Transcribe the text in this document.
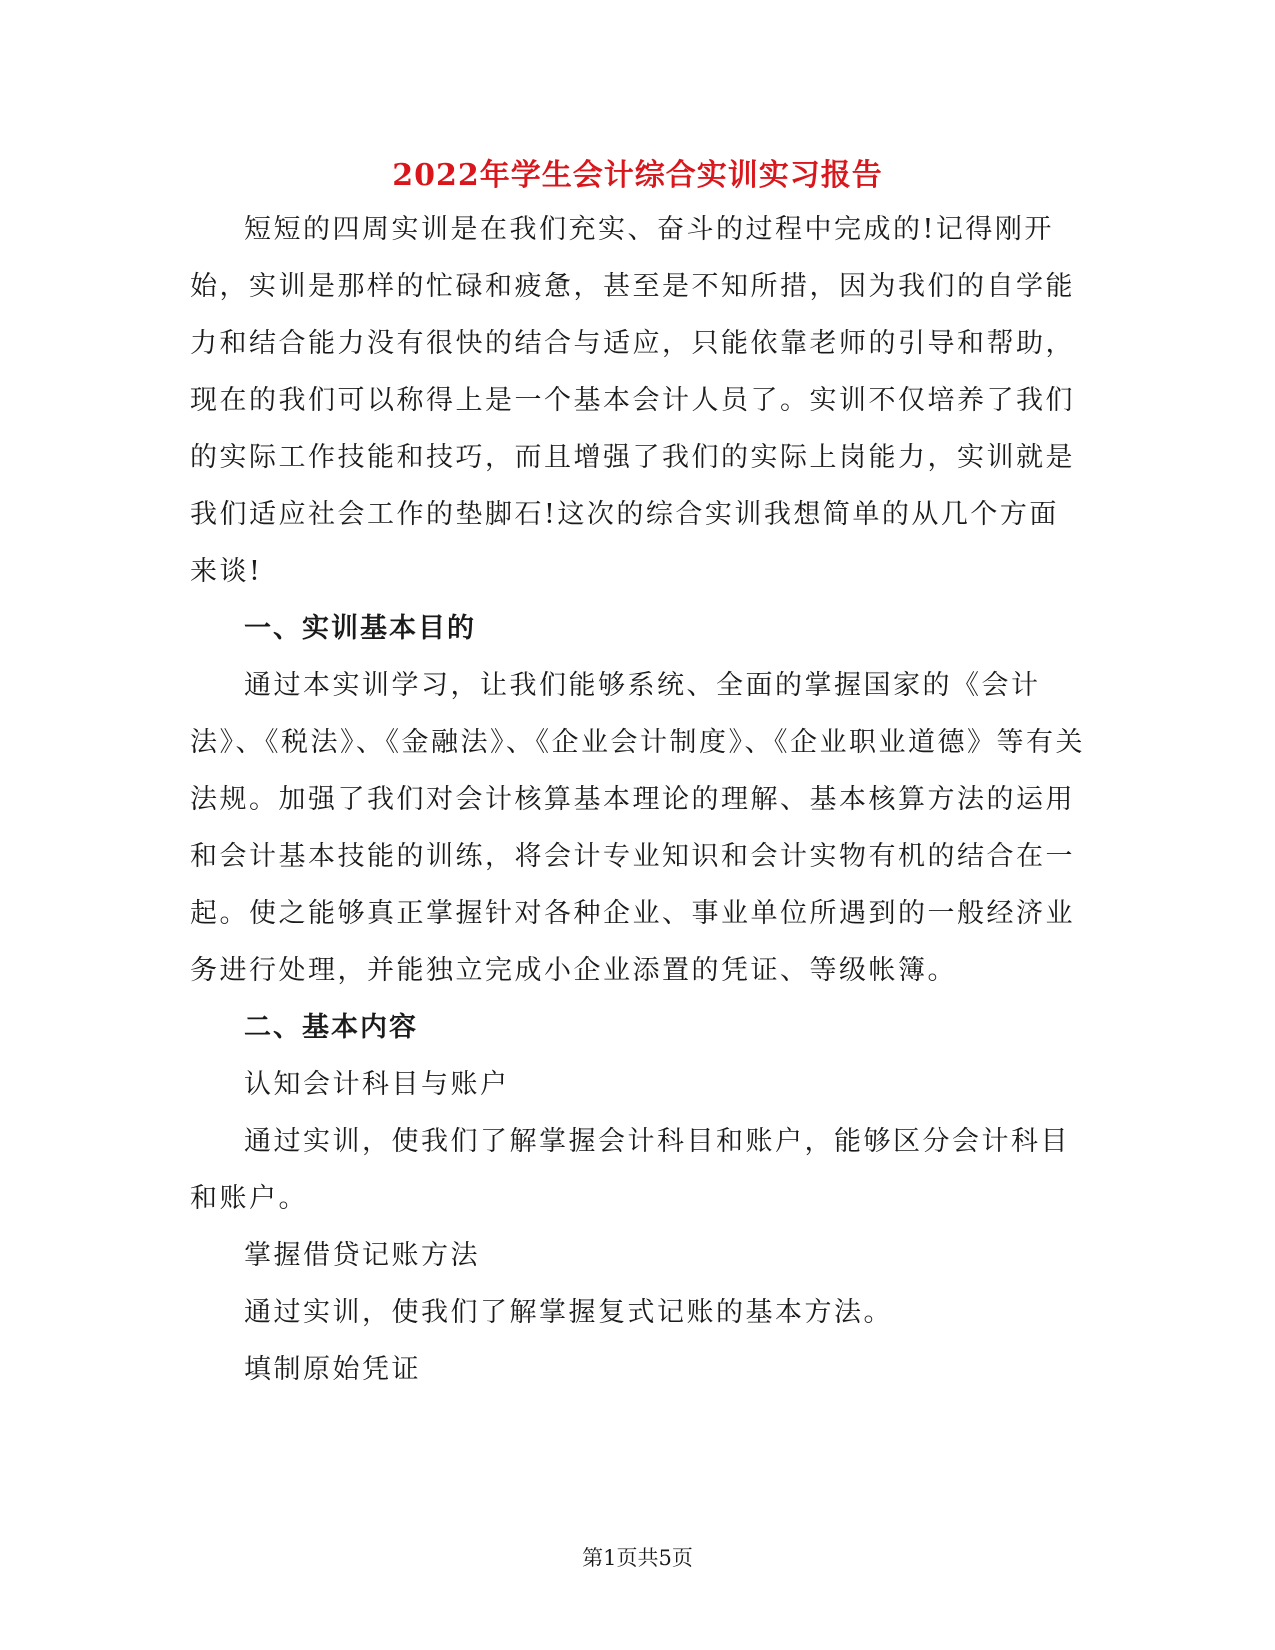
2022年学生会计综合实训实习报告

短短的四周实训是在我们充实、奋斗的过程中完成的!记得刚开始，实训是那样的忙碌和疲惫，甚至是不知所措，因为我们的自学能力和结合能力没有很快的结合与适应，只能依靠老师的引导和帮助，现在的我们可以称得上是一个基本会计人员了。实训不仅培养了我们的实际工作技能和技巧，而且增强了我们的实际上岗能力，实训就是我们适应社会工作的垫脚石!这次的综合实训我想简单的从几个方面来谈!

一、实训基本目的

通过本实训学习，让我们能够系统、全面的掌握国家的《会计法》、《税法》、《金融法》、《企业会计制度》、《企业职业道德》等有关法规。加强了我们对会计核算基本理论的理解、基本核算方法的运用和会计基本技能的训练，将会计专业知识和会计实物有机的结合在一起。使之能够真正掌握针对各种企业、事业单位所遇到的一般经济业务进行处理，并能独立完成小企业添置的凭证、等级帐簿。

二、基本内容

认知会计科目与账户

通过实训，使我们了解掌握会计科目和账户，能够区分会计科目和账户。

掌握借贷记账方法

通过实训，使我们了解掌握复式记账的基本方法。

填制原始凭证

第1页共5页
